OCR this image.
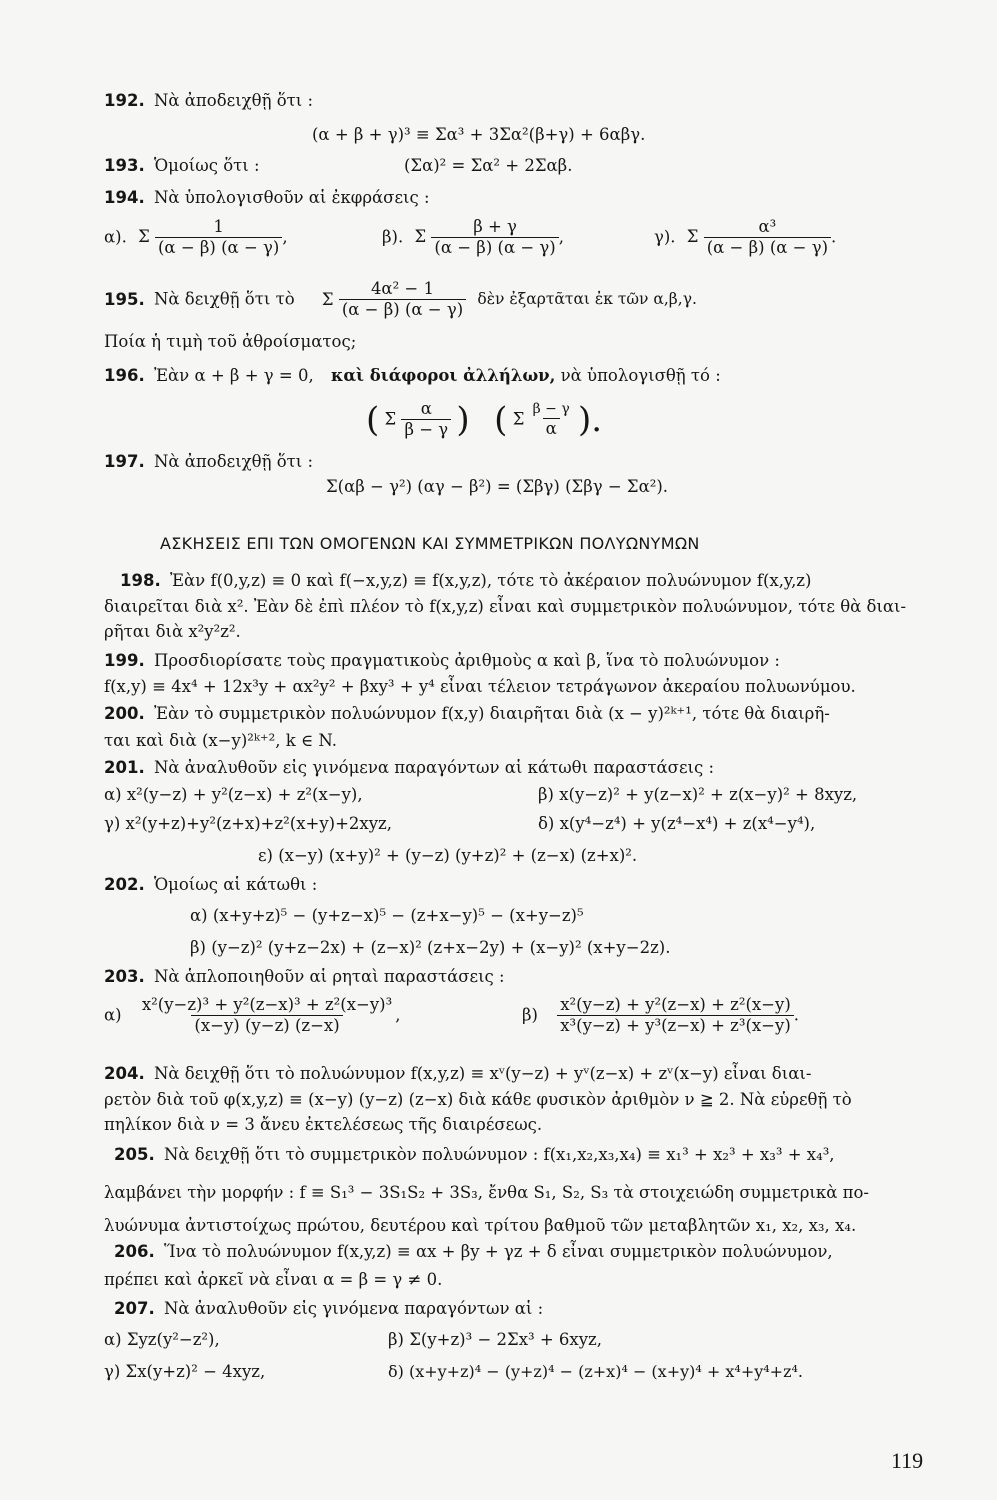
192. Νὰ ἀποδειχθῇ ὅτι :
(α + β + γ)³ ≡ Σα³ + 3Σα²(β+γ) + 6αβγ.
193. Ὁμοίως ὅτι :	(Σα)² = Σα² + 2Σαβ.
194. Νὰ ὑπολογισθοῦν αἱ ἐκφράσεις :
α). Σ $\frac{1}{(\alpha - \beta) (\alpha - \gamma)}$ ,	β). Σ $\frac{\beta + \gamma}{(\alpha - \beta) (\alpha - \gamma)}$ ,	γ). Σ $\frac{\text{α³}}{(\alpha - \beta) (\alpha - \gamma)}$ .
195. Νὰ δειχθῇ ὅτι τὸ Σ $\frac{\text{4α² − 1}}{(\alpha - \beta) (\alpha - \gamma)}$ δὲν ἐξαρτᾶται ἐκ τῶν α,β,γ.
Ποία ἡ τιμὴ τοῦ ἀθροίσματος;
196. Ἐὰν α + β + γ = 0, καὶ διάφοροι ἀλλήλων, νὰ ὑπολογισθῇ τό :
( Σ $\frac{\alpha}{\beta - \gamma}$ ) ( Σ $\frac{\beta - \gamma}{\alpha}$ ).
197. Νὰ ἀποδειχθῇ ὅτι :
Σ(αβ − γ²) (αγ − β²) = (Σβγ) (Σβγ − Σα²).
ΑΣΚΗΣΕΙΣ ΕΠΙ ΤΩΝ ΟΜΟΓΕΝΩΝ ΚΑΙ ΣΥΜΜΕΤΡΙΚΩΝ ΠΟΛΥΩΝΥΜΩΝ
198. Ἐὰν f(0,y,z) ≡ 0 καὶ f(−x,y,z) ≡ f(x,y,z), τότε τὸ ἀκέραιον πολυώνυμον f(x,y,z)
διαιρεῖται διὰ x². Ἐὰν δὲ ἐπὶ πλέον τὸ f(x,y,z) εἶναι καὶ συμμετρικὸν πολυώνυμον, τότε θὰ διαι-
ρῆται διὰ x²y²z².
199. Προσδιορίσατε τοὺς πραγματικοὺς ἀριθμοὺς α καὶ β, ἵνα τὸ πολυώνυμον :
f(x,y) ≡ 4x⁴ + 12x³y + αx²y² + βxy³ + y⁴ εἶναι τέλειον τετράγωνον ἀκεραίου πολυωνύμου.
200. Ἐὰν τὸ συμμετρικὸν πολυώνυμον f(x,y) διαιρῆται διὰ (x − y)²ᵏ⁺¹, τότε θὰ διαιρῆ-
ται καὶ διὰ (x−y)²ᵏ⁺², k ∈ N.
201. Νὰ ἀναλυθοῦν εἰς γινόμενα παραγόντων αἱ κάτωθι παραστάσεις :
α) x²(y−z) + y²(z−x) + z²(x−y),	β) x(y−z)² + y(z−x)² + z(x−y)² + 8xyz,
γ) x²(y+z)+y²(z+x)+z²(x+y)+2xyz,	δ) x(y⁴−z⁴) + y(z⁴−x⁴) + z(x⁴−y⁴),
ε) (x−y) (x+y)² + (y−z) (y+z)² + (z−x) (z+x)².
202. Ὁμοίως αἱ κάτωθι :
α) (x+y+z)⁵ − (y+z−x)⁵ − (z+x−y)⁵ − (x+y−z)⁵
β) (y−z)² (y+z−2x) + (z−x)² (z+x−2y) + (x−y)² (x+y−2z).
203. Νὰ ἁπλοποιηθοῦν αἱ ρηταὶ παραστάσεις :
$\alpha) \frac{\text{x²(y−z)³ + y²(z−x)³ + z²(x−y)³}}{(x-y) (y-z) (z-x)}$ ,	$\beta) \frac{\text{x²(y−z) + y²(z−x) + z²(x−y)}}{\text{x³(y−z) + y³(z−x) + z³(x−y)}}$ .
204. Νὰ δειχθῇ ὅτι τὸ πολυώνυμον f(x,y,z) ≡ xᵛ(y−z) + yᵛ(z−x) + zᵛ(x−y) εἶναι διαι-
ρετὸν διὰ τοῦ φ(x,y,z) ≡ (x−y) (y−z) (z−x) διὰ κάθε φυσικὸν ἀριθμὸν ν ≧ 2. Νὰ εὑρεθῇ τὸ
πηλίκον διὰ ν = 3 ἄνευ ἐκτελέσεως τῆς διαιρέσεως.
205. Νὰ δειχθῇ ὅτι τὸ συμμετρικὸν πολυώνυμον : f(x₁,x₂,x₃,x₄) ≡ x₁³ + x₂³ + x₃³ + x₄³,
λαμβάνει τὴν μορφήν : f ≡ S₁³ − 3S₁S₂ + 3S₃, ἔνθα S₁, S₂, S₃ τὰ στοιχειώδη συμμετρικὰ πο-
λυώνυμα ἀντιστοίχως πρώτου, δευτέρου καὶ τρίτου βαθμοῦ τῶν μεταβλητῶν x₁, x₂, x₃, x₄.
206. Ἵνα τὸ πολυώνυμον f(x,y,z) ≡ αx + βy + γz + δ εἶναι συμμετρικὸν πολυώνυμον,
πρέπει καὶ ἀρκεῖ νὰ εἶναι α = β = γ ≠ 0.
207. Νὰ ἀναλυθοῦν εἰς γινόμενα παραγόντων αἱ :
α) Σyz(y²−z²),	β) Σ(y+z)³ − 2Σx³ + 6xyz,
γ) Σx(y+z)² − 4xyz,	δ) (x+y+z)⁴ − (y+z)⁴ − (z+x)⁴ − (x+y)⁴ + x⁴+y⁴+z⁴.
119
